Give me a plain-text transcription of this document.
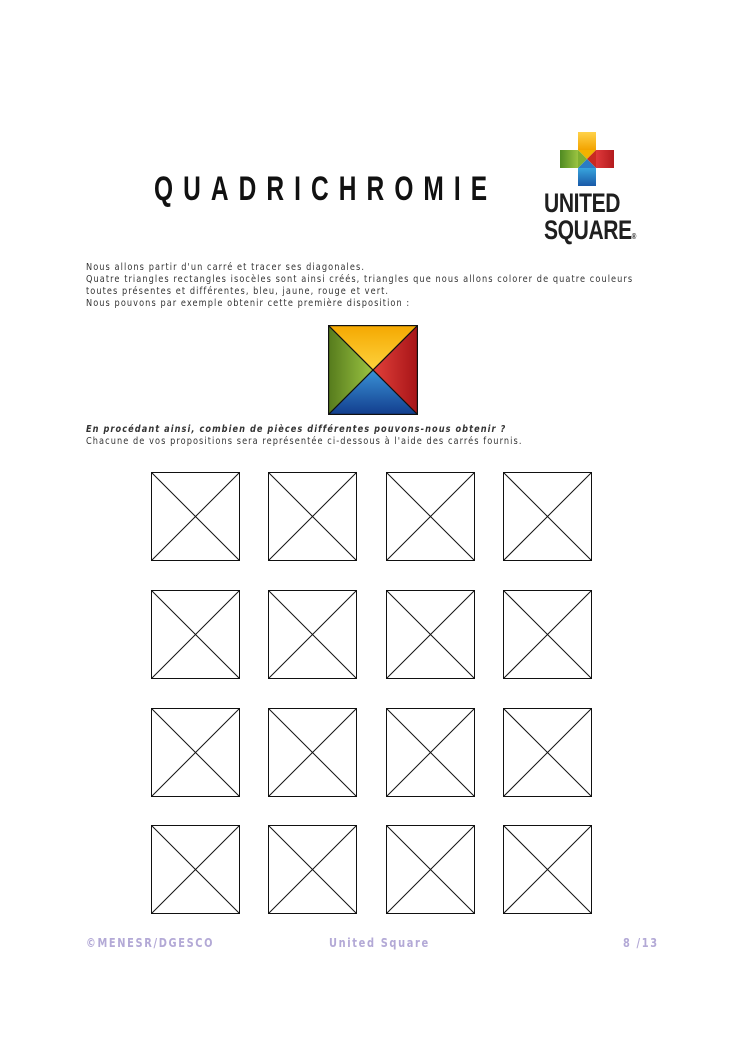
QUADRICHROMIE UNITED
SQUARE®
Nous allons partir d'un carré et tracer ses diagonales.
Quatre triangles rectangles isocèles sont ainsi créés, triangles que nous allons colorer de quatre couleurs
toutes présentes et différentes, bleu, jaune, rouge et vert.
Nous pouvons par exemple obtenir cette première disposition :
En procédant ainsi, combien de pièces différentes pouvons-nous obtenir ?
Chacune de vos propositions sera représentée ci-dessous à l'aide des carrés fournis.
©MENESR/DGESCO	United Square	8 /13
